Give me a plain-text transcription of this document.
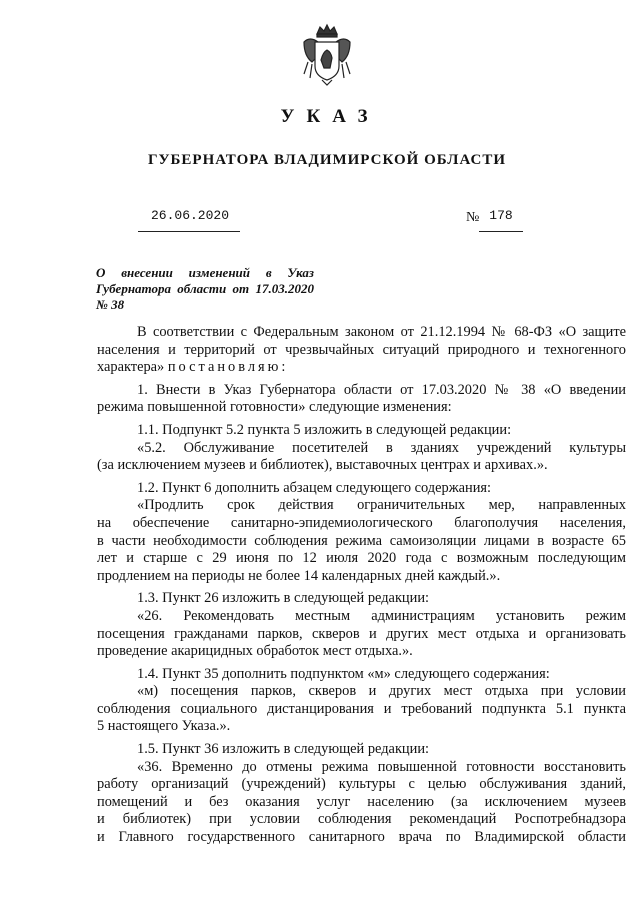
УКАЗ
ГУБЕРНАТОРА ВЛАДИМИРСКОЙ ОБЛАСТИ
26.06.2020	№ 178
О внесении изменений в Указ
Губернатора области от 17.03.2020
№ 38

В соответствии с Федеральным законом от 21.12.1994 № 68-ФЗ «О защите
населения и территорий от чрезвычайных ситуаций природного и техногенного
характера» постановляю:

1. Внести в Указ Губернатора области от 17.03.2020 № 38 «О введении
режима повышенной готовности» следующие изменения:

1.1. Подпункт 5.2 пункта 5 изложить в следующей редакции:
«5.2. Обслуживание посетителей в зданиях учреждений культуры
(за исключением музеев и библиотек), выставочных центрах и архивах.».

1.2. Пункт 6 дополнить абзацем следующего содержания:
«Продлить срок действия ограничительных мер, направленных
на обеспечение санитарно-эпидемиологического благополучия населения,
в части необходимости соблюдения режима самоизоляции лицами в возрасте 65
лет и старше с 29 июня по 12 июля 2020 года с возможным последующим
продлением на периоды не более 14 календарных дней каждый.».

1.3. Пункт 26 изложить в следующей редакции:
«26. Рекомендовать местным администрациям установить режим
посещения гражданами парков, скверов и других мест отдыха и организовать
проведение акарицидных обработок мест отдыха.».

1.4. Пункт 35 дополнить подпунктом «м» следующего содержания:
«м) посещения парков, скверов и других мест отдыха при условии
соблюдения социального дистанцирования и требований подпункта 5.1 пункта
5 настоящего Указа.».

1.5. Пункт 36 изложить в следующей редакции:
«36. Временно до отмены режима повышенной готовности восстановить
работу организаций (учреждений) культуры с целью обслуживания зданий,
помещений и без оказания услуг населению (за исключением музеев
и библиотек) при условии соблюдения рекомендаций Роспотребнадзора
и Главного государственного санитарного врача по Владимирской области
